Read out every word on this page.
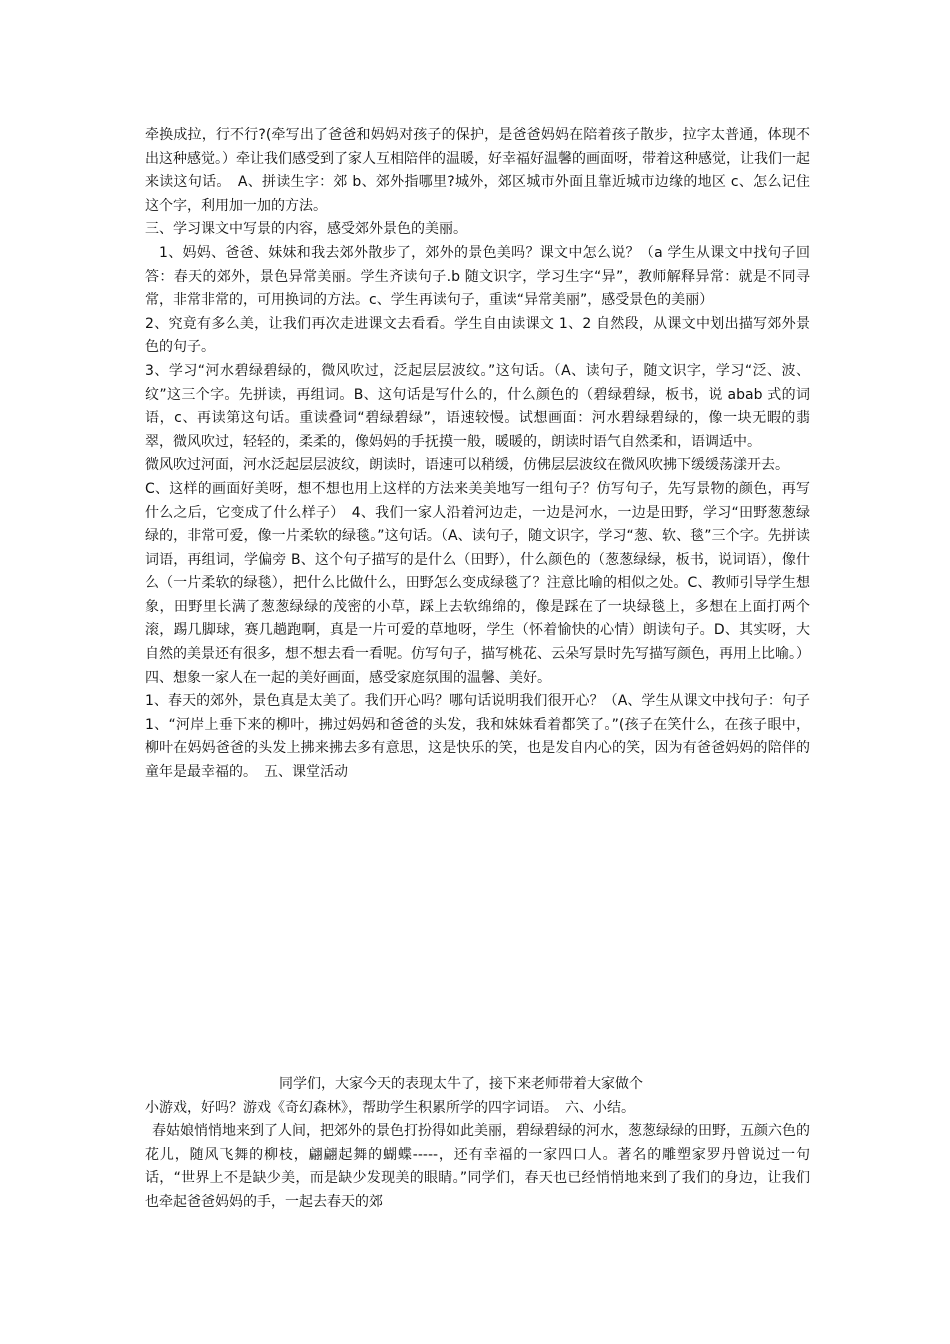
牵换成拉，行不行?(牵写出了爸爸和妈妈对孩子的保护，是爸爸妈妈在陪着孩子散步，拉字太普通，体现不出这种感觉。）牵让我们感受到了家人互相陪伴的温暖，好幸福好温馨的画面呀，带着这种感觉，让我们一起来读这句话。　A、拼读生字：郊 b、郊外指哪里?城外，郊区城市外面且靠近城市边缘的地区 c、怎么记住这个字，利用加一加的方法。

三、学习课文中写景的内容，感受郊外景色的美丽。

1、妈妈、爸爸、妹妹和我去郊外散步了，郊外的景色美吗？课文中怎么说？（a 学生从课文中找句子回答：春天的郊外，景色异常美丽。学生齐读句子.b 随文识字，学习生字“异”，教师解释异常：就是不同寻常，非常非常的，可用换词的方法。c、学生再读句子，重读“异常美丽”，感受景色的美丽）

2、究竟有多么美，让我们再次走进课文去看看。学生自由读课文 1、2 自然段，从课文中划出描写郊外景色的句子。

3、学习“河水碧绿碧绿的，微风吹过，泛起层层波纹。”这句话。（A、读句子，随文识字，学习“泛、波、纹”这三个字。先拼读，再组词。B、这句话是写什么的，什么颜色的（碧绿碧绿，板书，说 abab 式的词语，c、再读第这句话。重读叠词“碧绿碧绿”，语速较慢。试想画面：河水碧绿碧绿的，像一块无暇的翡翠，微风吹过，轻轻的，柔柔的，像妈妈的手抚摸一般，暖暖的，朗读时语气自然柔和，语调适中。

微风吹过河面，河水泛起层层波纹，朗读时，语速可以稍缓，仿佛层层波纹在微风吹拂下缓缓荡漾开去。

C、这样的画面好美呀，想不想也用上这样的方法来美美地写一组句子？仿写句子，先写景物的颜色，再写什么之后，它变成了什么样子）　4、我们一家人沿着河边走，一边是河水，一边是田野，学习“田野葱葱绿绿的，非常可爱，像一片柔软的绿毯。”这句话。（A、读句子，随文识字，学习“葱、软、毯”三个字。先拼读词语，再组词，学偏旁 B、这个句子描写的是什么（田野），什么颜色的（葱葱绿绿，板书，说词语），像什么（一片柔软的绿毯），把什么比做什么，田野怎么变成绿毯了？注意比喻的相似之处。C、教师引导学生想象，田野里长满了葱葱绿绿的茂密的小草，踩上去软绵绵的，像是踩在了一块绿毯上，多想在上面打两个滚，踢几脚球，赛几趟跑啊，真是一片可爱的草地呀，学生（怀着愉快的心情）朗读句子。D、其实呀，大自然的美景还有很多，想不想去看一看呢。仿写句子，描写桃花、云朵写景时先写描写颜色，再用上比喻。）

四、想象一家人在一起的美好画面，感受家庭氛围的温馨、美好。

1、春天的郊外，景色真是太美了。我们开心吗？哪句话说明我们很开心？（A、学生从课文中找句子：句子 1、“河岸上垂下来的柳叶，拂过妈妈和爸爸的头发，我和妹妹看着都笑了。”(孩子在笑什么，在孩子眼中，柳叶在妈妈爸爸的头发上拂来拂去多有意思，这是快乐的笑，也是发自内心的笑，因为有爸爸妈妈的陪伴的童年是最幸福的。　五、课堂活动

同学们，大家今天的表现太牛了，接下来老师带着大家做个

小游戏，好吗？游戏《奇幻森林》，帮助学生积累所学的四字词语。　六、小结。

春姑娘悄悄地来到了人间，把郊外的景色打扮得如此美丽，碧绿碧绿的河水，葱葱绿绿的田野，五颜六色的花儿，随风飞舞的柳枝，翩翩起舞的蝴蝶-----，还有幸福的一家四口人。著名的雕塑家罗丹曾说过一句话，“世界上不是缺少美，而是缺少发现美的眼睛。”同学们，春天也已经悄悄地来到了我们的身边，让我们也牵起爸爸妈妈的手，一起去春天的郊
